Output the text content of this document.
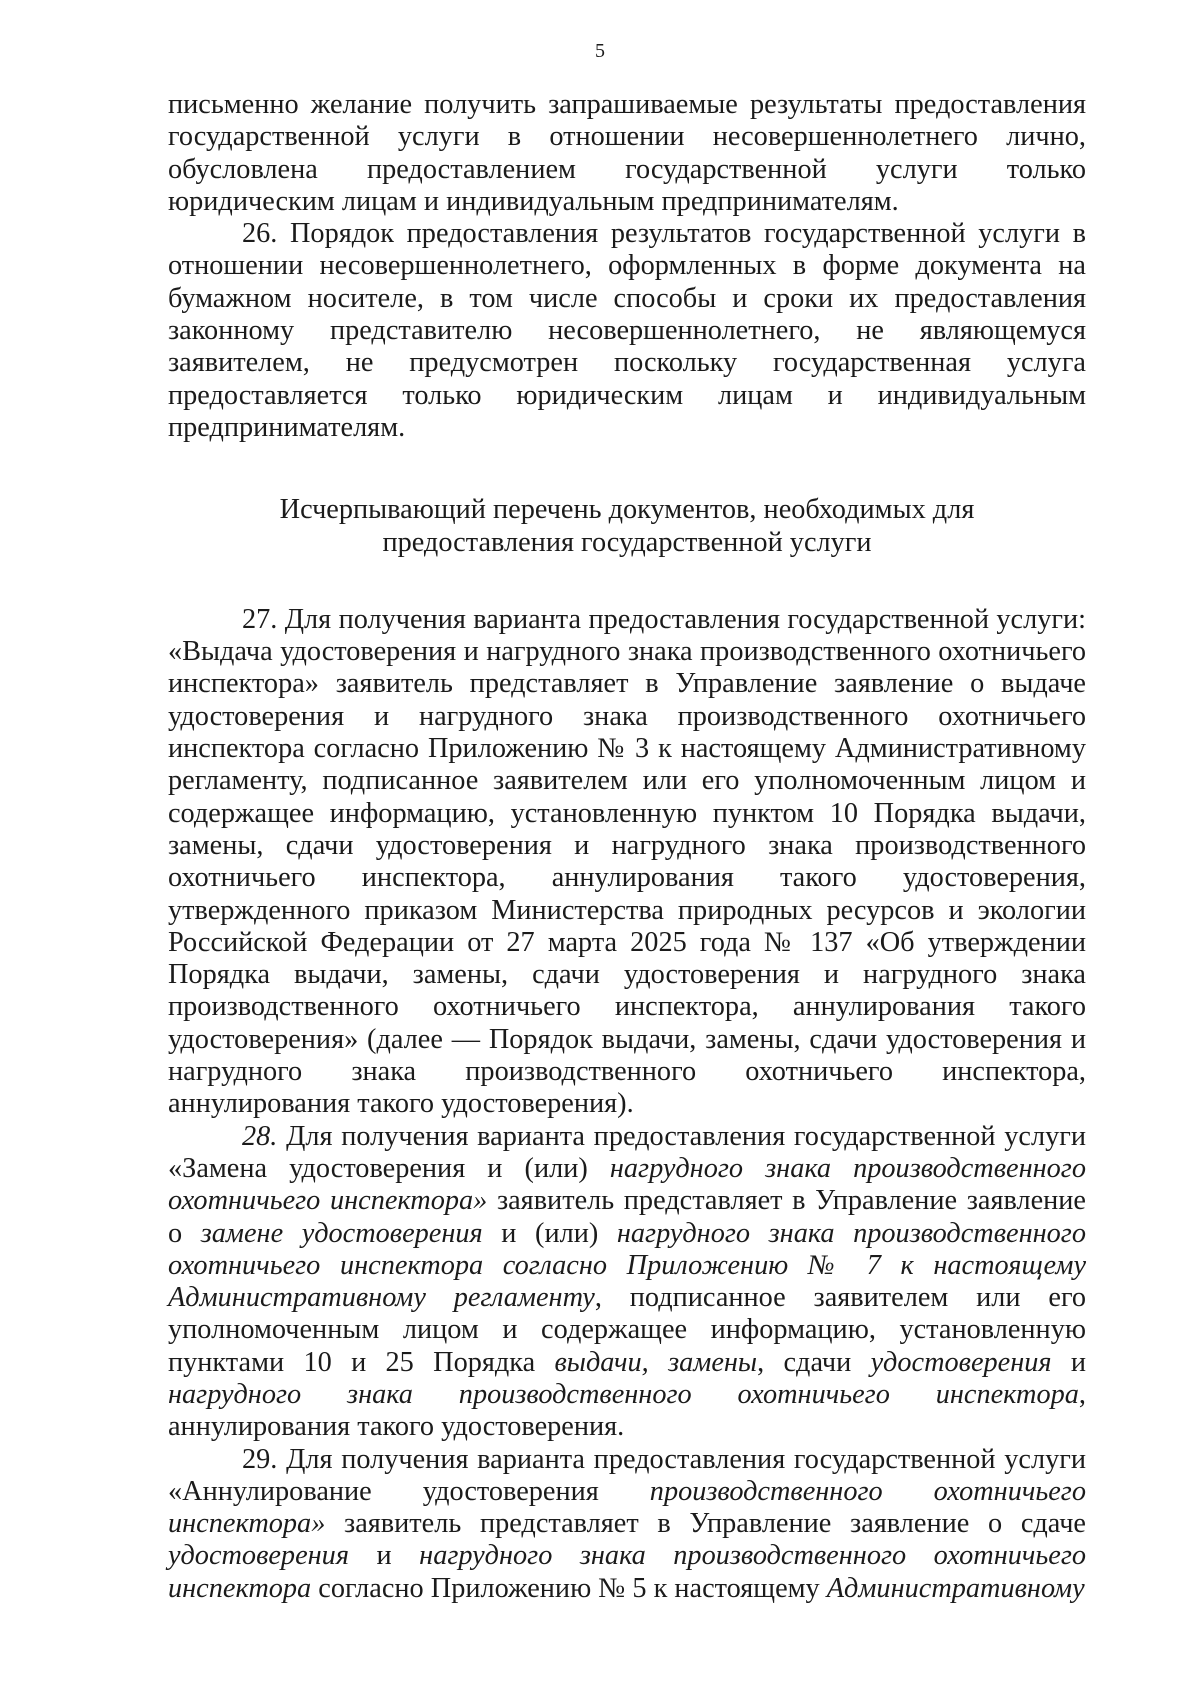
5

письменно желание получить запрашиваемые результаты предоставления государственной услуги в отношении несовершеннолетнего лично, обусловлена предоставлением государственной услуги только юридическим лицам и индивидуальным предпринимателям.

26. Порядок предоставления результатов государственной услуги в отношении несовершеннолетнего, оформленных в форме документа на бумажном носителе, в том числе способы и сроки их предоставления законному представителю несовершеннолетнего, не являющемуся заявителем, не предусмотрен поскольку государственная услуга предоставляется только юридическим лицам и индивидуальным предпринимателям.

Исчерпывающий перечень документов, необходимых для
предоставления государственной услуги

27. Для получения варианта предоставления государственной услуги: «Выдача удостоверения и нагрудного знака производственного охотничьего инспектора» заявитель представляет в Управление заявление о выдаче удостоверения и нагрудного знака производственного охотничьего инспектора согласно Приложению № 3 к настоящему Административному регламенту, подписанное заявителем или его уполномоченным лицом и содержащее информацию, установленную пунктом 10 Порядка выдачи, замены, сдачи удостоверения и нагрудного знака производственного охотничьего инспектора, аннулирования такого удостоверения, утвержденного приказом Министерства природных ресурсов и экологии Российской Федерации от 27 марта 2025 года № 137 «Об утверждении Порядка выдачи, замены, сдачи удостоверения и нагрудного знака производственного охотничьего инспектора, аннулирования такого удостоверения» (далее — Порядок выдачи, замены, сдачи удостоверения и нагрудного знака производственного охотничьего инспектора, аннулирования такого удостоверения).

28. Для получения варианта предоставления государственной услуги «Замена удостоверения и (или) нагрудного знака производственного охотничьего инспектора» заявитель представляет в Управление заявление о замене удостоверения и (или) нагрудного знака производственного охотничьего инспектора согласно Приложению № 7 к настоящему Административному регламенту, подписанное заявителем или его уполномоченным лицом и содержащее информацию, установленную пунктами 10 и 25 Порядка выдачи, замены, сдачи удостоверения и нагрудного знака производственного охотничьего инспектора, аннулирования такого удостоверения.

29. Для получения варианта предоставления государственной услуги «Аннулирование удостоверения производственного охотничьего инспектора» заявитель представляет в Управление заявление о сдаче удостоверения и нагрудного знака производственного охотничьего инспектора согласно Приложению № 5 к настоящему Административному
